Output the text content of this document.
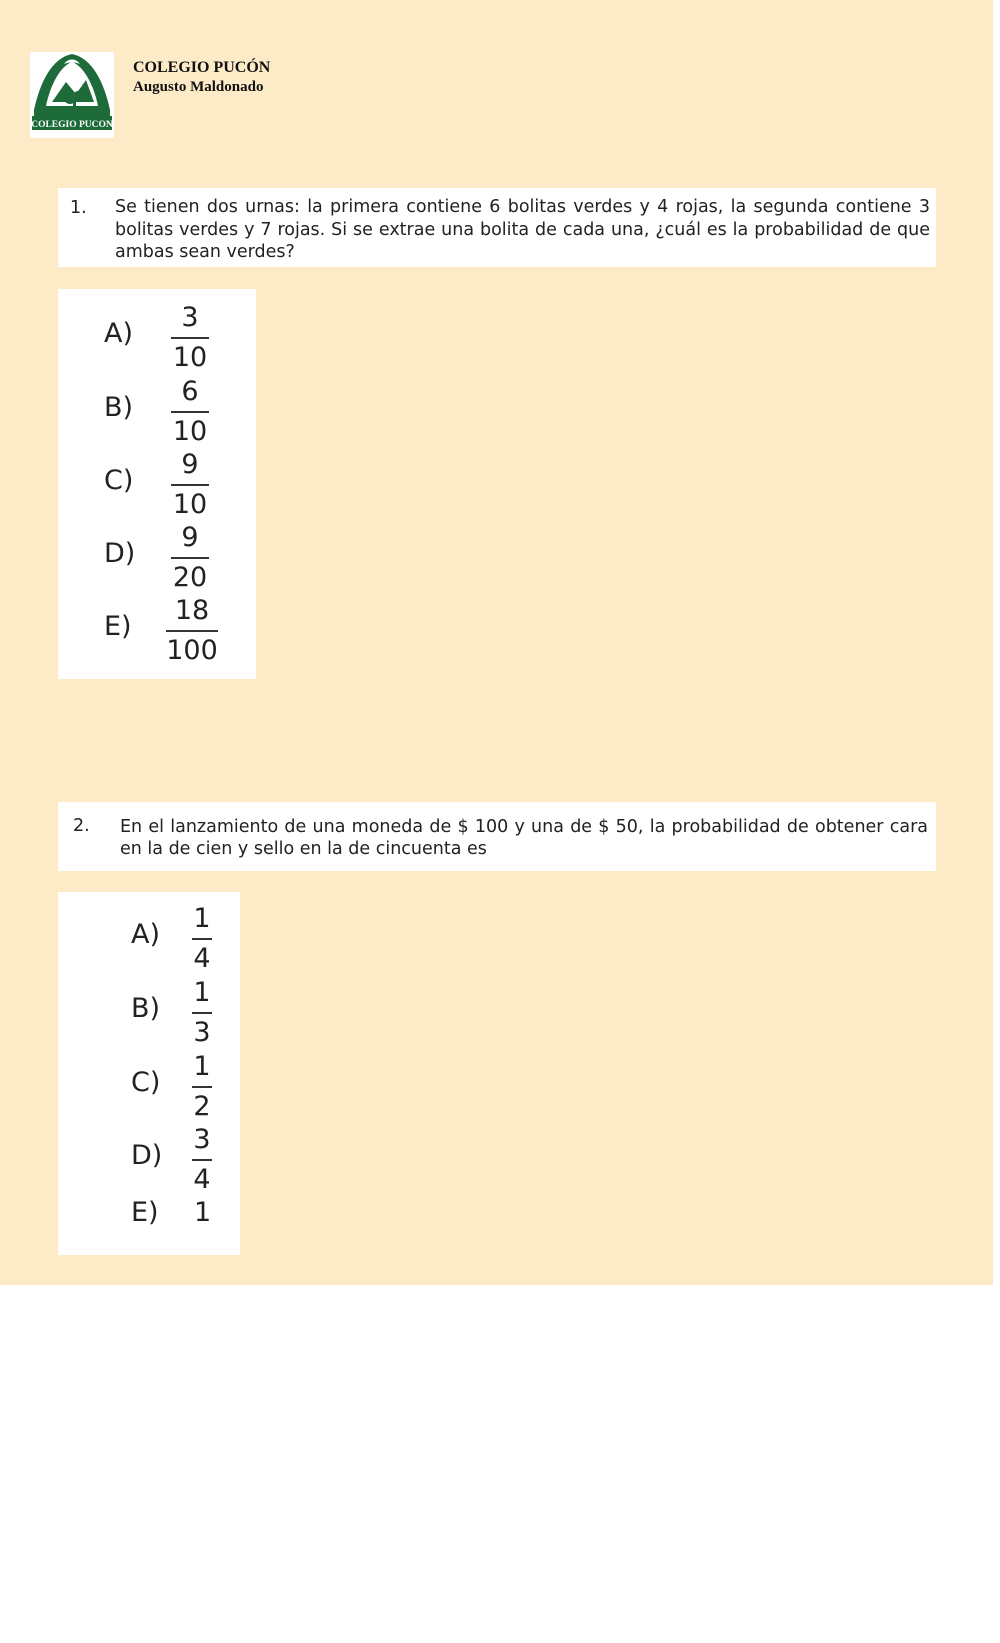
COLEGIO PUCON
COLEGIO PUCÓN
Augusto Maldonado
1. Se tienen dos urnas: la primera contiene 6 bolitas verdes y 4 rojas, la segunda contiene 3 bolitas verdes y 7 rojas. Si se extrae una bolita de cada una, ¿cuál es la probabilidad de que ambas sean verdes?
A)
3
10
B)
6
10
C)
9
10
D)
9
20
E)
18
100
2. En el lanzamiento de una moneda de $ 100 y una de $ 50, la probabilidad de obtener cara en la de cien y sello en la de cincuenta es
A)
1
4
B)
1
3
C)
1
2
D)
3
4
E) 1
